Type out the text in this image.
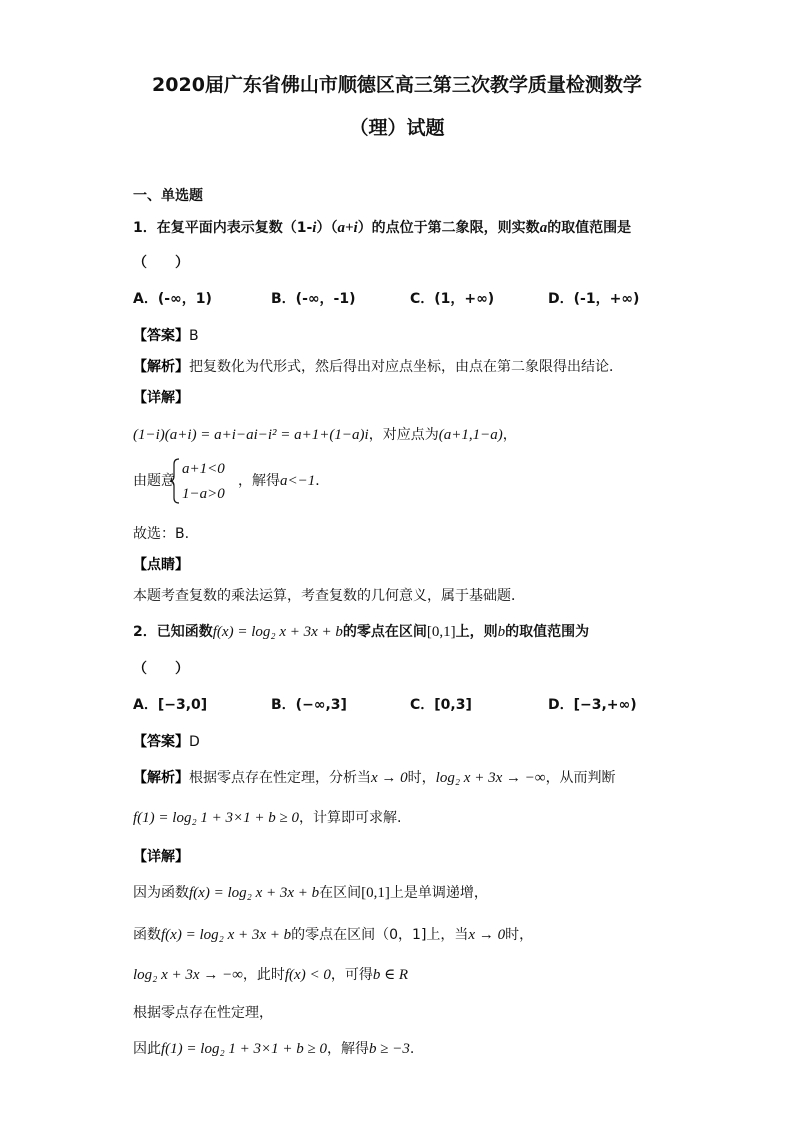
2020届广东省佛山市顺德区高三第三次教学质量检测数学
（理）试题
一、单选题
1．在复平面内表示复数（1-i）（a+i）的点位于第二象限，则实数a的取值范围是
（　　）
A．(-∞，1)	B．(-∞，-1)	C．(1，+∞)	D．(-1，+∞)
【答案】B
【解析】把复数化为代形式，然后得出对应点坐标，由点在第二象限得出结论．
【详解】
(1−i)(a+i) = a+i−ai−i² = a+1+(1−a)i，对应点为(a+1,1−a)，
由题意
a+1<0
1−a>0
，解得a<−1．
故选：B.
【点睛】
本题考查复数的乘法运算，考查复数的几何意义，属于基础题．
2．已知函数f(x) = log₂ x + 3x + b的零点在区间[0,1]上，则b的取值范围为
（　　）
A．[−3,0]	B．(−∞,3]	C．[0,3]	D．[−3,+∞)
【答案】D
【解析】根据零点存在性定理，分析当x → 0时，log₂ x + 3x → −∞，从而判断
f(1) = log₂ 1 + 3×1 + b ≥ 0，计算即可求解.
【详解】
因为函数f(x) = log₂ x + 3x + b在区间[0,1]上是单调递增，
函数f(x) = log₂ x + 3x + b的零点在区间（0，1]上，当x → 0时，
log₂ x + 3x → −∞，此时f(x) < 0，可得b ∈ R
根据零点存在性定理，
因此f(1) = log₂ 1 + 3×1 + b ≥ 0，解得b ≥ −3.
